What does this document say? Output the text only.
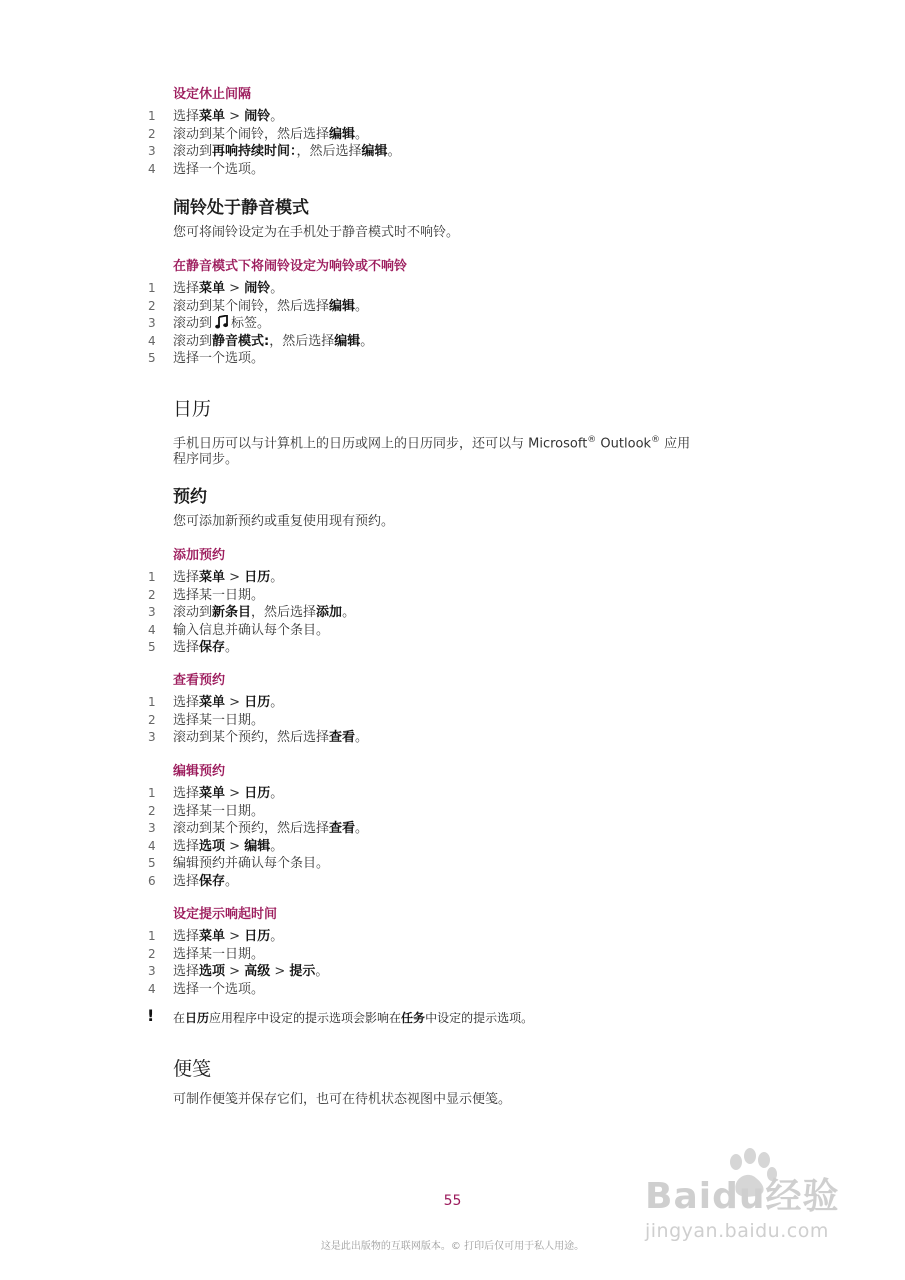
设定休止间隔
1	选择菜单 > 闹铃。
2	滚动到某个闹铃，然后选择编辑。
3	滚动到再响持续时间：，然后选择编辑。
4	选择一个选项。
闹铃处于静音模式
您可将闹铃设定为在手机处于静音模式时不响铃。
在静音模式下将闹铃设定为响铃或不响铃
1	选择菜单 > 闹铃。
2	滚动到某个闹铃，然后选择编辑。
3	滚动到 标签。
4	滚动到静音模式:，然后选择编辑。
5	选择一个选项。
日历
手机日历可以与计算机上的日历或网上的日历同步，还可以与 Microsoft® Outlook® 应用
程序同步。
预约
您可添加新预约或重复使用现有预约。
添加预约
1	选择菜单 > 日历。
2	选择某一日期。
3	滚动到新条目，然后选择添加。
4	输入信息并确认每个条目。
5	选择保存。
查看预约
1	选择菜单 > 日历。
2	选择某一日期。
3	滚动到某个预约，然后选择查看。
编辑预约
1	选择菜单 > 日历。
2	选择某一日期。
3	滚动到某个预约，然后选择查看。
4	选择选项 > 编辑。
5	编辑预约并确认每个条目。
6	选择保存。
设定提示响起时间
1	选择菜单 > 日历。
2	选择某一日期。
3	选择选项 > 高级 > 提示。
4	选择一个选项。
! 在日历应用程序中设定的提示选项会影响在任务中设定的提示选项。
便笺
可制作便笺并保存它们，也可在待机状态视图中显示便笺。
55
这是此出版物的互联网版本。© 打印后仅可用于私人用途。
Baidu经验
jingyan.baidu.com
